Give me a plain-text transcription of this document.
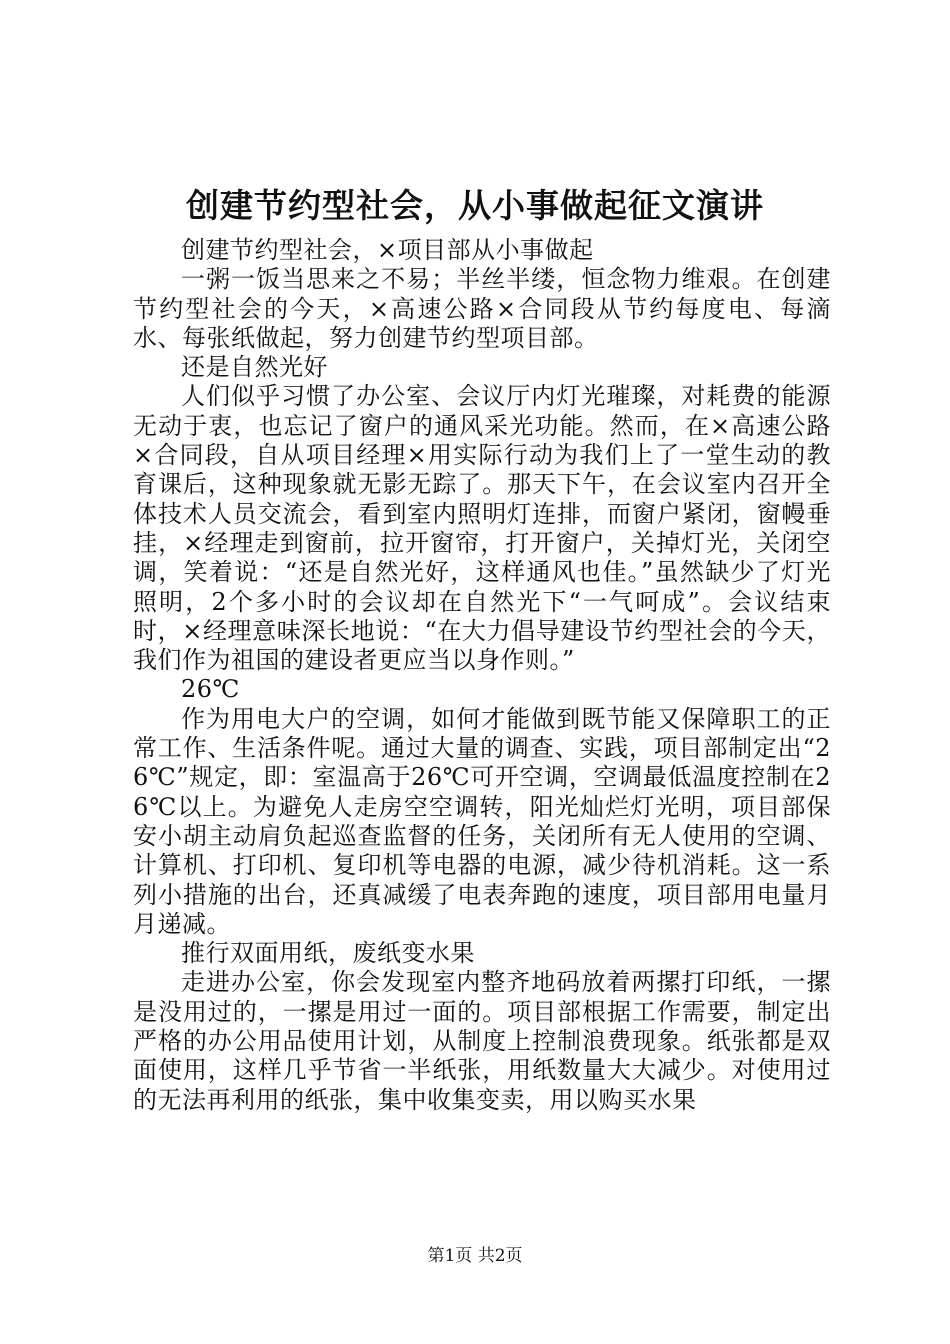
创建节约型社会，从小事做起征文演讲

创建节约型社会，×项目部从小事做起

一粥一饭当思来之不易；半丝半缕，恒念物力维艰。在创建节约型社会的今天，×高速公路×合同段从节约每度电、每滴水、每张纸做起，努力创建节约型项目部。

还是自然光好

人们似乎习惯了办公室、会议厅内灯光璀璨，对耗费的能源无动于衷，也忘记了窗户的通风采光功能。然而，在×高速公路×合同段，自从项目经理×用实际行动为我们上了一堂生动的教育课后，这种现象就无影无踪了。那天下午，在会议室内召开全体技术人员交流会，看到室内照明灯连排，而窗户紧闭，窗幔垂挂，×经理走到窗前，拉开窗帘，打开窗户，关掉灯光，关闭空调，笑着说：“还是自然光好，这样通风也佳。”虽然缺少了灯光照明，2个多小时的会议却在自然光下“一气呵成”。会议结束时，×经理意味深长地说：“在大力倡导建设节约型社会的今天，我们作为祖国的建设者更应当以身作则。”

26℃

作为用电大户的空调，如何才能做到既节能又保障职工的正常工作、生活条件呢。通过大量的调查、实践，项目部制定出“26℃”规定，即：室温高于26℃可开空调，空调最低温度控制在26℃以上。为避免人走房空空调转，阳光灿烂灯光明，项目部保安小胡主动肩负起巡查监督的任务，关闭所有无人使用的空调、计算机、打印机、复印机等电器的电源，减少待机消耗。这一系列小措施的出台，还真减缓了电表奔跑的速度，项目部用电量月月递减。

推行双面用纸，废纸变水果

走进办公室，你会发现室内整齐地码放着两摞打印纸，一摞是没用过的，一摞是用过一面的。项目部根据工作需要，制定出严格的办公用品使用计划，从制度上控制浪费现象。纸张都是双面使用，这样几乎节省一半纸张，用纸数量大大减少。对使用过的无法再利用的纸张，集中收集变卖，用以购买水果

第1页 共2页
